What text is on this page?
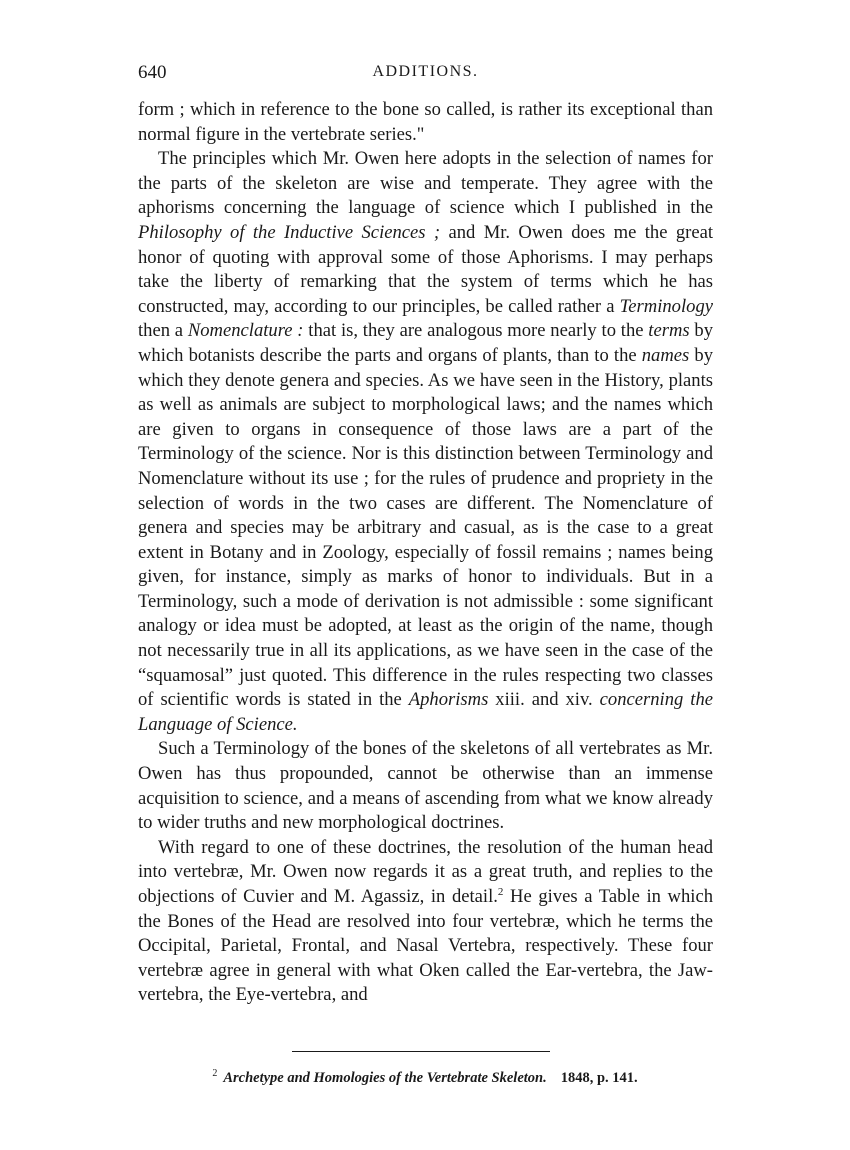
640	ADDITIONS.

form ; which in reference to the bone so called, is rather its exceptional than normal figure in the vertebrate series."

The principles which Mr. Owen here adopts in the selection of names for the parts of the skeleton are wise and temperate. They agree with the aphorisms concerning the language of science which I published in the Philosophy of the Inductive Sciences ; and Mr. Owen does me the great honor of quoting with approval some of those Aphorisms. I may perhaps take the liberty of remarking that the system of terms which he has constructed, may, according to our principles, be called rather a Terminology then a Nomenclature : that is, they are analogous more nearly to the terms by which botanists describe the parts and organs of plants, than to the names by which they denote genera and species. As we have seen in the History, plants as well as animals are subject to morphological laws; and the names which are given to organs in consequence of those laws are a part of the Terminology of the science. Nor is this distinction between Terminology and Nomenclature without its use ; for the rules of prudence and propriety in the selection of words in the two cases are different. The Nomenclature of genera and species may be arbitrary and casual, as is the case to a great extent in Botany and in Zoology, especially of fossil remains ; names being given, for instance, simply as marks of honor to individuals. But in a Terminology, such a mode of derivation is not admissible : some significant analogy or idea must be adopted, at least as the origin of the name, though not necessarily true in all its applications, as we have seen in the case of the “squamosal” just quoted. This difference in the rules respecting two classes of scientific words is stated in the Aphorisms xiii. and xiv. concerning the Language of Science.

Such a Terminology of the bones of the skeletons of all vertebrates as Mr. Owen has thus propounded, cannot be otherwise than an immense acquisition to science, and a means of ascending from what we know already to wider truths and new morphological doctrines.

With regard to one of these doctrines, the resolution of the human head into vertebræ, Mr. Owen now regards it as a great truth, and replies to the objections of Cuvier and M. Agassiz, in detail.$^2$ He gives a Table in which the Bones of the Head are resolved into four vertebræ, which he terms the Occipital, Parietal, Frontal, and Nasal Vertebra, respectively. These four vertebræ agree in general with what Oken called the Ear-vertebra, the Jaw-vertebra, the Eye-vertebra, and

$^2$ Archetype and Homologies of the Vertebrate Skeleton. 1848, p. 141.
